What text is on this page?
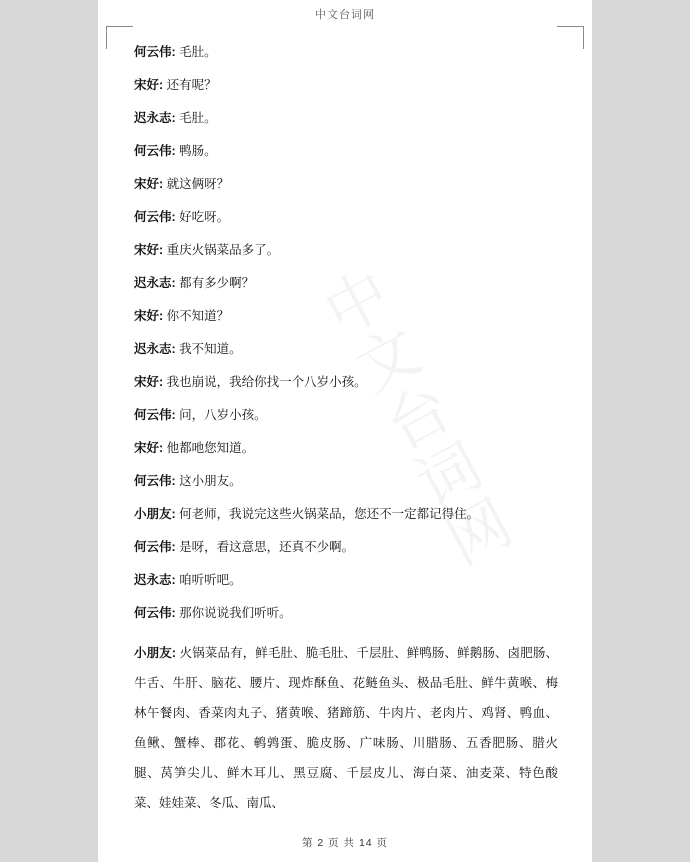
中文台词网
中
文
台
词
网
何云伟: 毛肚。
宋好: 还有呢？
迟永志: 毛肚。
何云伟: 鸭肠。
宋好: 就这俩呀？
何云伟: 好吃呀。
宋好: 重庆火锅菜品多了。
迟永志: 都有多少啊？
宋好: 你不知道？
迟永志: 我不知道。
宋好: 我也崩说，我给你找一个八岁小孩。
何云伟: 问，八岁小孩。
宋好: 他都吔您知道。
何云伟: 这小朋友。
小朋友: 何老师，我说完这些火锅菜品，您还不一定都记得住。
何云伟: 是呀，看这意思，还真不少啊。
迟永志: 咱听听吧。
何云伟: 那你说说我们听听。
小朋友: 火锅菜品有，鲜毛肚、脆毛肚、千层肚、鲜鸭肠、鲜鹅肠、卤肥肠、牛舌、牛肝、脑花、腰片、现炸酥鱼、花鲢鱼头、极品毛肚、鲜牛黄喉、梅林午餐肉、香菜肉丸子、猪黄喉、猪蹄筋、牛肉片、老肉片、鸡肾、鸭血、鱼鳅、蟹棒、郡花、鹌鹑蛋、脆皮肠、广味肠、川腊肠、五香肥肠、腊火腿、莴笋尖儿、鲜木耳儿、黑豆腐、千层皮儿、海白菜、油麦菜、特色酸菜、娃娃菜、冬瓜、南瓜、
第 2 页 共 14 页
